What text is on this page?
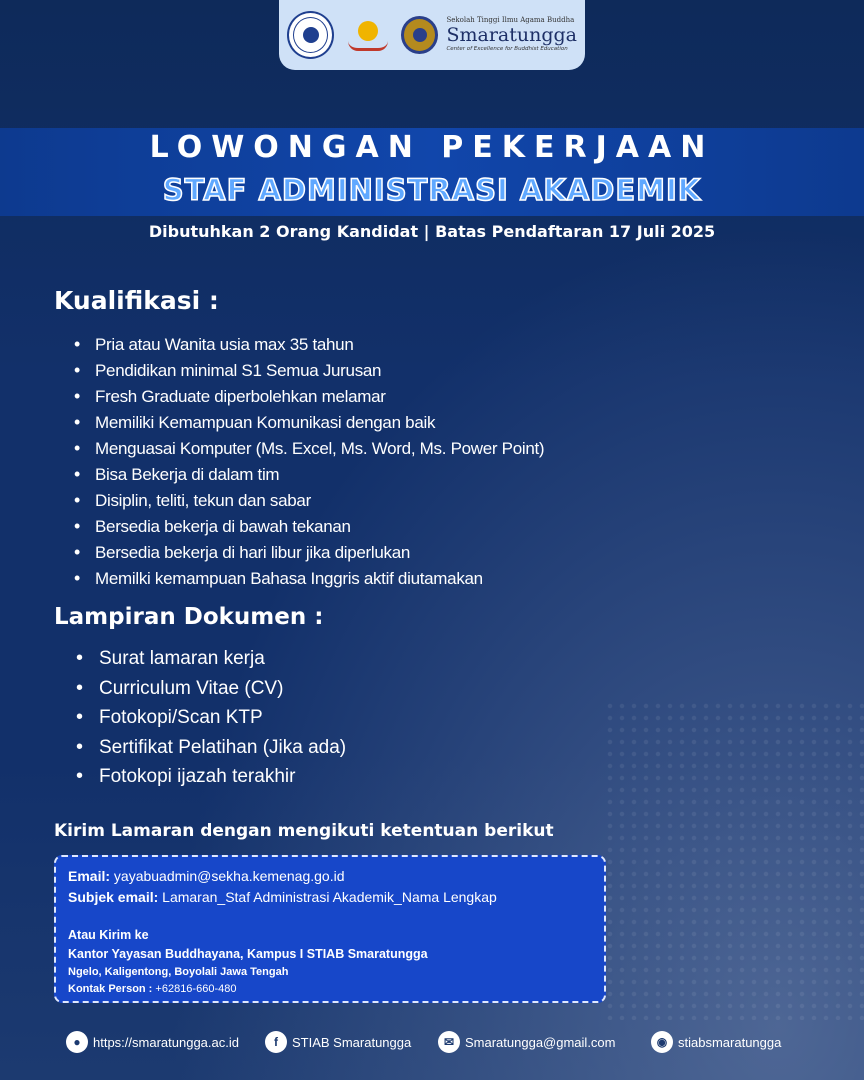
Sekolah Tinggi Ilmu Agama Buddha
Smaratungga
Center of Excellence for Buddhist Education
LOWONGAN PEKERJAAN
STAF ADMINISTRASI AKADEMIK
Dibutuhkan 2 Orang Kandidat | Batas Pendaftaran 17 Juli 2025
Kualifikasi :
• Pria atau Wanita usia max 35 tahun
• Pendidikan minimal S1 Semua Jurusan
• Fresh Graduate diperbolehkan melamar
• Memiliki Kemampuan Komunikasi dengan baik
• Menguasai Komputer (Ms. Excel, Ms. Word, Ms. Power Point)
• Bisa Bekerja di dalam tim
• Disiplin, teliti, tekun dan sabar
• Bersedia bekerja di bawah tekanan
• Bersedia bekerja di hari libur jika diperlukan
• Memilki kemampuan Bahasa Inggris aktif diutamakan
Lampiran Dokumen :
• Surat lamaran kerja
• Curriculum Vitae (CV)
• Fotokopi/Scan KTP
• Sertifikat Pelatihan (Jika ada)
• Fotokopi ijazah terakhir
Kirim Lamaran dengan mengikuti ketentuan berikut
Email: yayabuadmin@sekha.kemenag.go.id
Subjek email: Lamaran_Staf Administrasi Akademik_Nama Lengkap
Atau Kirim ke
Kantor Yayasan Buddhayana, Kampus I STIAB Smaratungga
Ngelo, Kaligentong, Boyolali Jawa Tengah
Kontak Person : +62816-660-480
● https://smaratungga.ac.id	f	STIAB Smaratungga	✉ Smaratungga@gmail.com	◉ stiabsmaratungga
